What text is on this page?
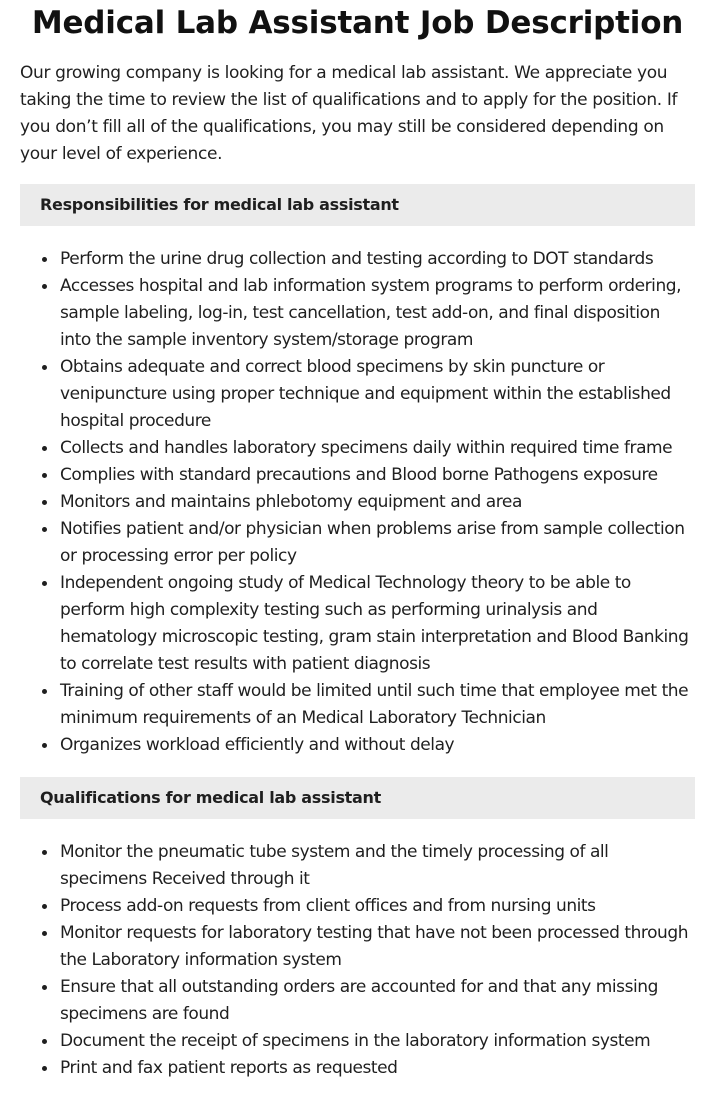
Medical Lab Assistant Job Description

Our growing company is looking for a medical lab assistant. We appreciate you taking the time to review the list of qualifications and to apply for the position. If you don’t fill all of the qualifications, you may still be considered depending on your level of experience.

Responsibilities for medical lab assistant
Perform the urine drug collection and testing according to DOT standards
Accesses hospital and lab information system programs to perform ordering, sample labeling, log-in, test cancellation, test add-on, and final disposition into the sample inventory system/storage program
Obtains adequate and correct blood specimens by skin puncture or venipuncture using proper technique and equipment within the established hospital procedure
Collects and handles laboratory specimens daily within required time frame
Complies with standard precautions and Blood borne Pathogens exposure
Monitors and maintains phlebotomy equipment and area
Notifies patient and/or physician when problems arise from sample collection or processing error per policy
Independent ongoing study of Medical Technology theory to be able to perform high complexity testing such as performing urinalysis and hematology microscopic testing, gram stain interpretation and Blood Banking to correlate test results with patient diagnosis
Training of other staff would be limited until such time that employee met the minimum requirements of an Medical Laboratory Technician
Organizes workload efficiently and without delay
Qualifications for medical lab assistant
Monitor the pneumatic tube system and the timely processing of all specimens Received through it
Process add-on requests from client offices and from nursing units
Monitor requests for laboratory testing that have not been processed through the Laboratory information system
Ensure that all outstanding orders are accounted for and that any missing specimens are found
Document the receipt of specimens in the laboratory information system
Print and fax patient reports as requested
